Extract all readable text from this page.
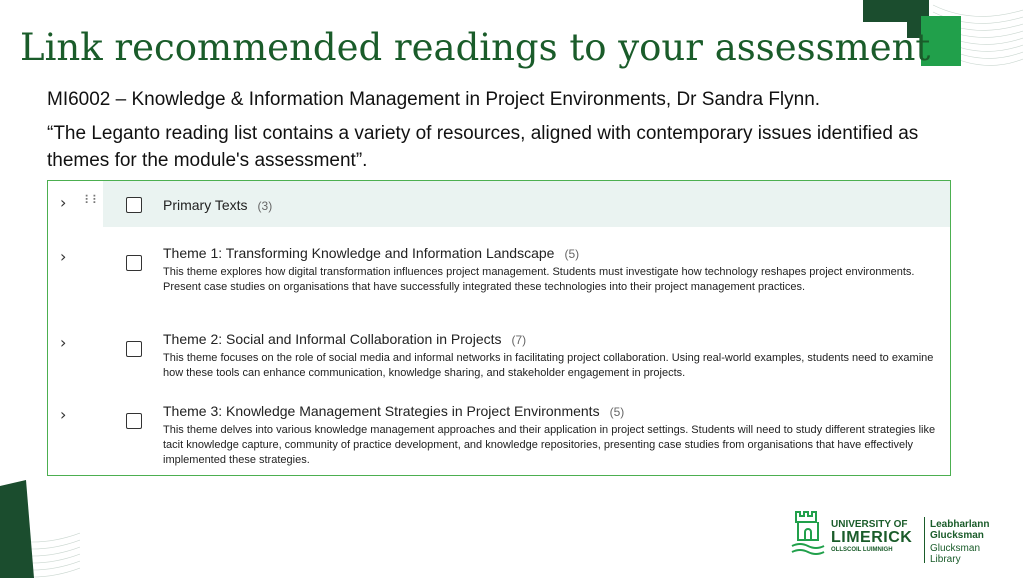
Link recommended readings to your assessment
MI6002 – Knowledge & Information Management in Project Environments, Dr Sandra Flynn.
“The Leganto reading list contains a variety of resources, aligned with contemporary issues identified as themes for the module's assessment”.
› ⠇⠇	Primary Texts (3)
›	Theme 1: Transforming Knowledge and Information Landscape (5)
This theme explores how digital transformation influences project management. Students must investigate how technology reshapes project environments. Present case studies on organisations that have successfully integrated these technologies into their project management practices.
›	Theme 2: Social and Informal Collaboration in Projects (7)
This theme focuses on the role of social media and informal networks in facilitating project collaboration. Using real-world examples, students need to examine how these tools can enhance communication, knowledge sharing, and stakeholder engagement in projects.
›	Theme 3: Knowledge Management Strategies in Project Environments (5)
This theme delves into various knowledge management approaches and their application in project settings. Students will need to study different strategies like tacit knowledge capture, community of practice development, and knowledge repositories, presenting case studies from organisations that have effectively implemented these strategies.
UNIVERSITY OF
LIMERICK
OLLSCOIL LUIMNIGH
Leabharlann
Glucksman
Glucksman
Library
